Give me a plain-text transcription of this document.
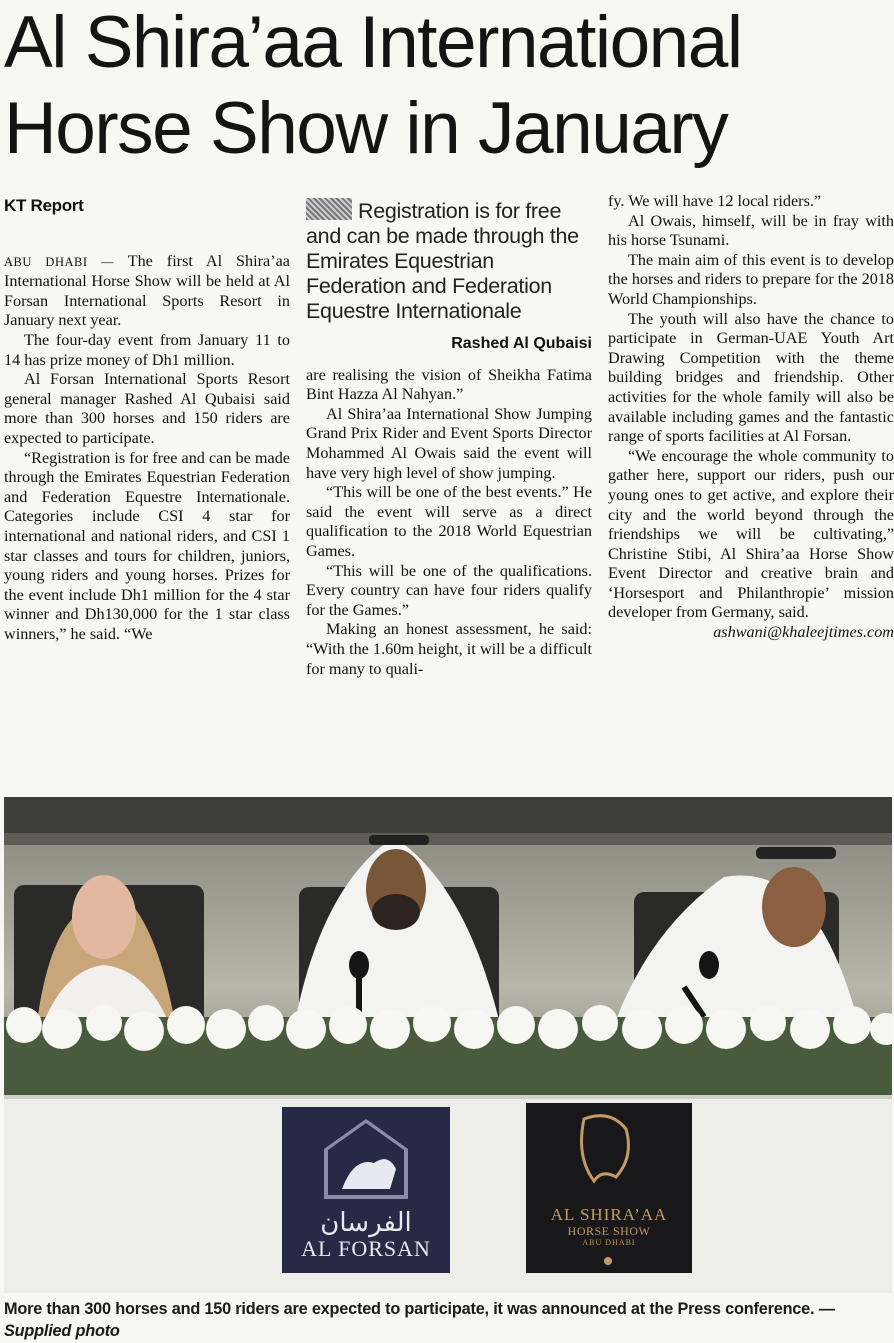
Al Shira’aa International
Horse Show in January
KT Report

ABU DHABI — The first Al Shira’aa International Horse Show will be held at Al Forsan International Sports Resort in January next year.

The four-day event from January 11 to 14 has prize money of Dh1 million.

Al Forsan International Sports Resort general manager Rashed Al Qubaisi said more than 300 horses and 150 riders are expected to participate.

“Registration is for free and can be made through the Emirates Equestrian Federation and Federation Equestre Internationale. Categories include CSI 4 star for international and national riders, and CSI 1 star classes and tours for children, juniors, young riders and young horses. Prizes for the event include Dh1 million for the 4 star winner and Dh130,000 for the 1 star class winners,” he said. “We

Registration is for free and can be made through the Emirates Equestrian Federation and Federation Equestre Internationale
Rashed Al Qubaisi

are realising the vision of Sheikha Fatima Bint Hazza Al Nahyan.”

Al Shira’aa International Show Jumping Grand Prix Rider and Event Sports Director Mohammed Al Owais said the event will have very high level of show jumping.

“This will be one of the best events.” He said the event will serve as a direct qualification to the 2018 World Equestrian Games.

“This will be one of the qualifications. Every country can have four riders qualify for the Games.”

Making an honest assessment, he said: “With the 1.60m height, it will be a difficult for many to quali-

fy. We will have 12 local riders.”

Al Owais, himself, will be in fray with his horse Tsunami.

The main aim of this event is to develop the horses and riders to prepare for the 2018 World Championships.

The youth will also have the chance to participate in German-UAE Youth Art Drawing Competition with the theme building bridges and friendship. Other activities for the whole family will also be available including games and the fantastic range of sports facilities at Al Forsan.

“We encourage the whole community to gather here, support our riders, push our young ones to get active, and explore their city and the world beyond through the friendships we will be cultivating,” Christine Stibi, Al Shira’aa Horse Show Event Director and creative brain and ‘Horsesport and Philanthropie’ mission developer from Germany, said.

ashwani@khaleejtimes.com

الفرسان
AL FORSAN
AL SHIRA’AA
HORSE SHOW
ABU DHABI

More than 300 horses and 150 riders are expected to participate, it was announced at the Press conference. — Supplied photo
